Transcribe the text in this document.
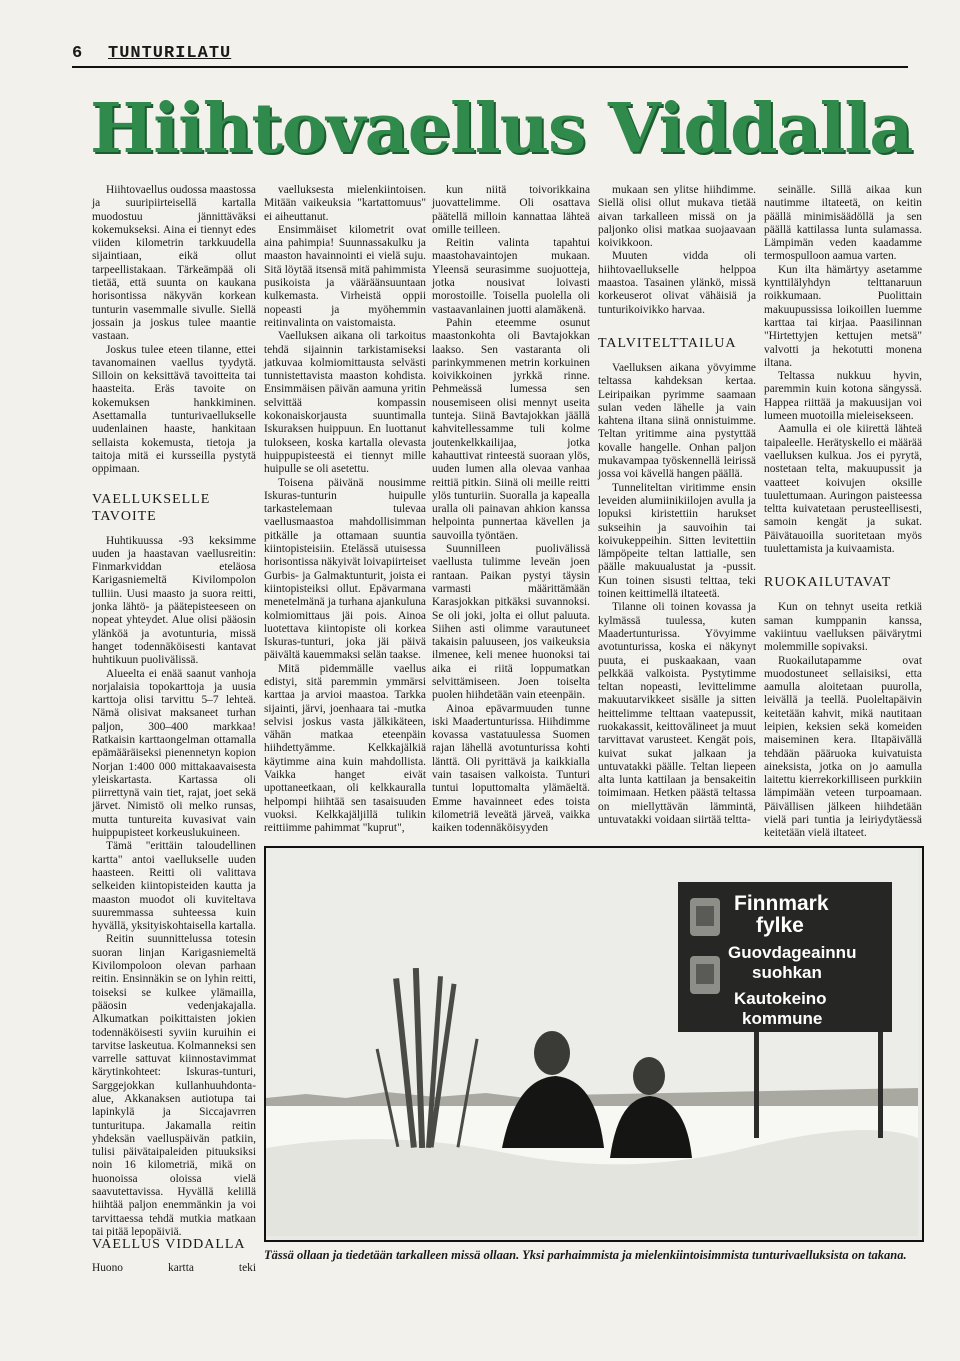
6 TUNTURILATU
Hiihtovaellus Viddalla

Hiihtovaellus oudossa maastossa ja suuripiirteisellä kartalla muodostuu jännittäväksi kokemukseksi. Aina ei tiennyt edes viiden kilometrin tarkkuudella sijaintiaan, eikä ollut tarpeellistakaan. Tärkeämpää oli tietää, että suunta on kaukana horisontissa näkyvän korkean tunturin vasemmalle sivulle. Siellä jossain ja joskus tulee maantie vastaan.

Joskus tulee eteen tilanne, ettei tavanomainen vaellus tyydytä. Silloin on keksittävä tavoitteita tai haasteita. Eräs tavoite on kokemuksen hankkiminen. Asettamalla tunturivaellukselle uudenlainen haaste, hankitaan sellaista kokemusta, tietoja ja taitoja mitä ei kursseilla pystytä oppimaan.

VAELLUKSELLE TAVOITE

Huhtikuussa -93 keksimme uuden ja haastavan vaellusreitin: Finmarkviddan eteläosa Karigasniemeltä Kivilompolon tulliin. Uusi maasto ja suora reitti, jonka lähtö- ja päätepisteeseen on nopeat yhteydet. Alue olisi pääosin ylänköä ja avotunturia, missä hanget todennäköisesti kantavat huhtikuun puolivälissä.

Alueelta ei enää saanut vanhoja norjalaisia topokarttoja ja uusia karttoja olisi tarvittu 5–7 lehteä. Nämä olisivat maksaneet turhan paljon, 300–400 markkaa! Ratkaisin karttaongelman ottamalla epämääräiseksi pienennetyn kopion Norjan 1:400 000 mittakaavaisesta yleiskartasta. Kartassa oli piirrettynä vain tiet, rajat, joet sekä järvet. Nimistö oli melko runsas, mutta tuntureita kuvasivat vain huippupisteet korkeuslukuineen.

Tämä "erittäin taloudellinen kartta" antoi vaellukselle uuden haasteen. Reitti oli valittava selkeiden kiintopisteiden kautta ja maaston muodot oli kuviteltava suuremmassa suhteessa kuin hyvällä, yksityiskohtaisella kartalla.

Reitin suunnittelussa totesin suoran linjan Karigasniemeltä Kivilompoloon olevan parhaan reitin. Ensinnäkin se on lyhin reitti, toiseksi se kulkee ylämailla, pääosin vedenjakajalla. Alkumatkan poikittaisten jokien todennäköisesti syviin kuruihin ei tarvitse laskeutua. Kolmanneksi sen varrelle sattuvat kiinnostavimmat kärytinkohteet: Iskuras-tunturi, Sarggejokkan kullanhuuhdonta-alue, Akkanaksen autiotupa tai lapinkylä ja Siccajavrren tunturitupa. Jakamalla reitin yhdeksän vaelluspäivän patkiin, tulisi päivätaipaleiden pituuksiksi noin 16 kilometriä, mikä on huonoissa oloissa vielä saavutettavissa. Hyvällä kelillä hiihtää paljon enemmänkin ja voi tarvittaessa tehdä mutkia matkaan tai pitää lepopäiviä.

VAELLUS VIDDALLA
Huono kartta teki

vaelluksesta mielenkiintoisen. Mitään vaikeuksia "kartattomuus" ei aiheuttanut.

Ensimmäiset kilometrit ovat aina pahimpia! Suunnassakulku ja maaston havainnointi ei vielä suju. Sitä löytää itsensä mitä pahimmista pusikoista ja vääräänsuuntaan kulkemasta. Virheistä oppii nopeasti ja myöhemmin reitinvalinta on vaistomaista.

Vaelluksen aikana oli tarkoitus tehdä sijainnin tarkistamiseksi jatkuvaa kolmiomittausta selvästi tunnistettavista maaston kohdista. Ensimmäisen päivän aamuna yritin selvittää kompassin kokonaiskorjausta suuntimalla Iskuraksen huippuun. En luottanut tulokseen, koska kartalla olevasta huippupisteestä ei tiennyt mille huipulle se oli asetettu.

Toisena päivänä nousimme Iskuras-tunturin huipulle tarkastelemaan tulevaa vaellusmaastoa mahdollisimman pitkälle ja ottamaan suuntia kiintopisteisiin. Etelässä utuisessa horisontissa näkyivät loivapiirteiset Gurbis- ja Galmaktunturit, joista ei kiintopisteiksi ollut. Epävarmana menetelmänä ja turhana ajankuluna kolmiomittaus jäi pois. Ainoa luotettava kiintopiste oli korkea Iskuras-tunturi, joka jäi päivä päivältä kauemmaksi selän taakse.

Mitä pidemmälle vaellus edistyi, sitä paremmin ymmärsi karttaa ja arvioi maastoa. Tarkka sijainti, järvi, joenhaara tai -mutka selvisi joskus vasta jälkikäteen, vähän matkaa eteenpäin hiihdettyämme. Kelkkajälkiä käytimme aina kuin mahdollista. Vaikka hanget eivät upottaneetkaan, oli kelkkauralla helpompi hiihtää sen tasaisuuden vuoksi. Kelkkajäljillä tulikin reittiimme pahimmat "kuprut",

kun niitä toivorikkaina juovattelimme. Oli osattava päätellä milloin kannattaa lähteä omille teilleen.

Reitin valinta tapahtui maastohavaintojen mukaan. Yleensä seurasimme suojuotteja, jotka nousivat loivasti morostoille. Toisella puolella oli vastaavanlainen juotti alamäkenä.

Pahin eteemme osunut maastonkohta oli Bavtajokkan laakso. Sen vastaranta oli parinkymmenen metrin korkuinen koivikkoinen jyrkkä rinne. Pehmeässä lumessa sen nousemiseen olisi mennyt useita tunteja. Siinä Bavtajokkan jäällä kahvitellessamme tuli kolme joutenkelkkailijaa, jotka kahauttivat rinteestä suoraan ylös, uuden lumen alla olevaa vanhaa reittiä pitkin. Siinä oli meille reitti ylös tunturiin. Suoralla ja kapealla uralla oli painavan ahkion kanssa helpointa punnertaa kävellen ja sauvoilla työntäen.

Suunnilleen puolivälissä vaellusta tulimme leveän joen rantaan. Paikan pystyi täysin varmasti määrittämään Karasjokkan pitkäksi suvannoksi. Se oli joki, jolta ei ollut paluuta. Siihen asti olimme varautuneet takaisin paluuseen, jos vaikeuksia ilmenee, keli menee huonoksi tai aika ei riitä loppumatkan selvittämiseen. Joen toiselta puolen hiihdetään vain eteenpäin.

Ainoa epävarmuuden tunne iski Maadertunturissa. Hiihdimme kovassa vastatuulessa Suomen rajan lähellä avotunturissa kohti länttä. Oli pyrittävä ja kaikkialla vain tasaisen valkoista. Tunturi tuntui loputtomalta ylämäeltä. Emme havainneet edes toista kilometriä leveätä järveä, vaikka kaiken todennäköisyyden

mukaan sen ylitse hiihdimme. Siellä olisi ollut mukava tietää aivan tarkalleen missä on ja paljonko olisi matkaa suojaavaan koivikkoon.

Muuten vidda oli hiihtovaellukselle helppoa maastoa. Tasainen ylänkö, missä korkeuserot olivat vähäisiä ja tunturikoivikko harvaa.

TALVITELTTAILUA

Vaelluksen aikana yövyimme teltassa kahdeksan kertaa. Leiripaikan pyrimme saamaan sulan veden lähelle ja vain kahtena iltana siinä onnistuimme. Teltan yritimme aina pystyttää kovalle hangelle. Onhan paljon mukavampaa työskennellä leirissä jossa voi kävellä hangen päällä.

Tunneliteltan viritimme ensin leveiden alumiinikiilojen avulla ja lopuksi kiristettiin harukset sukseihin ja sauvoihin tai koivukeppeihin. Sitten levitettiin lämpöpeite teltan lattialle, sen päälle makuualustat ja -pussit. Kun toinen sisusti telttaa, teki toinen keittimellä iltateetä.

Tilanne oli toinen kovassa ja kylmässä tuulessa, kuten Maadertunturissa. Yövyimme avotunturissa, koska ei näkynyt puuta, ei puskaakaan, vaan pelkkää valkoista. Pystytimme teltan nopeasti, levittelimme makuutarvikkeet sisälle ja sitten heittelimme telttaan vaatepussit, ruokakassit, keittovälineet ja muut tarvittavat varusteet. Kengät pois, kuivat sukat jalkaan ja untuvatakki päälle. Teltan liepeen alta lunta kattilaan ja bensakeitin toimimaan. Hetken päästä teltassa on miellyttävän lämmintä, untuvatakki voidaan siirtää teltta-

seinälle. Sillä aikaa kun nautimme iltateetä, on keitin päällä minimisäädöllä ja sen päällä kattilassa lunta sulamassa. Lämpimän veden kaadamme termospulloon aamua varten.

Kun ilta hämärtyy asetamme kynttilälyhdyn telttanaruun roikkumaan. Puolittain makuupussissa loikoillen luemme karttaa tai kirjaa. Paasilinnan "Hirtettyjen kettujen metsä" valvotti ja hekotutti monena iltana.

Teltassa nukkuu hyvin, paremmin kuin kotona sängyssä. Happea riittää ja makuusijan voi lumeen muotoilla mieleisekseen.

Aamulla ei ole kiirettä lähteä taipaleelle. Herätyskello ei määrää vaelluksen kulkua. Jos ei pyrytä, nostetaan telta, makuupussit ja vaatteet koivujen oksille tuulettumaan. Auringon paisteessa teltta kuivatetaan perusteellisesti, samoin kengät ja sukat. Päivätauoilla suoritetaan myös tuulettamista ja kuivaamista.

RUOKAILUTAVAT

Kun on tehnyt useita retkiä saman kumppanin kanssa, vakiintuu vaelluksen päivärytmi molemmille sopivaksi.

Ruokailutapamme ovat muodostuneet sellaisiksi, etta aamulla aloitetaan puurolla, leivällä ja teellä. Puoleltapäivin keitetään kahvit, mikä nautitaan leipien, keksien sekä komeiden maiseminen kera. Iltapäivällä tehdään pääruoka kuivatuista aineksista, jotka on jo aamulla laitettu kierrekorkilliseen purkkiin lämpimään veteen turpoamaan. Päivällisen jälkeen hiihdetään vielä pari tuntia ja leiriydytäessä keitetään vielä iltateet.

Finnmark
fylke
Guovdageainnu
suohkan
Kautokeino
kommune
Tässä ollaan ja tiedetään tarkalleen missä ollaan. Yksi parhaimmista ja mielenkiintoisimmista tunturivaelluksista on takana.
